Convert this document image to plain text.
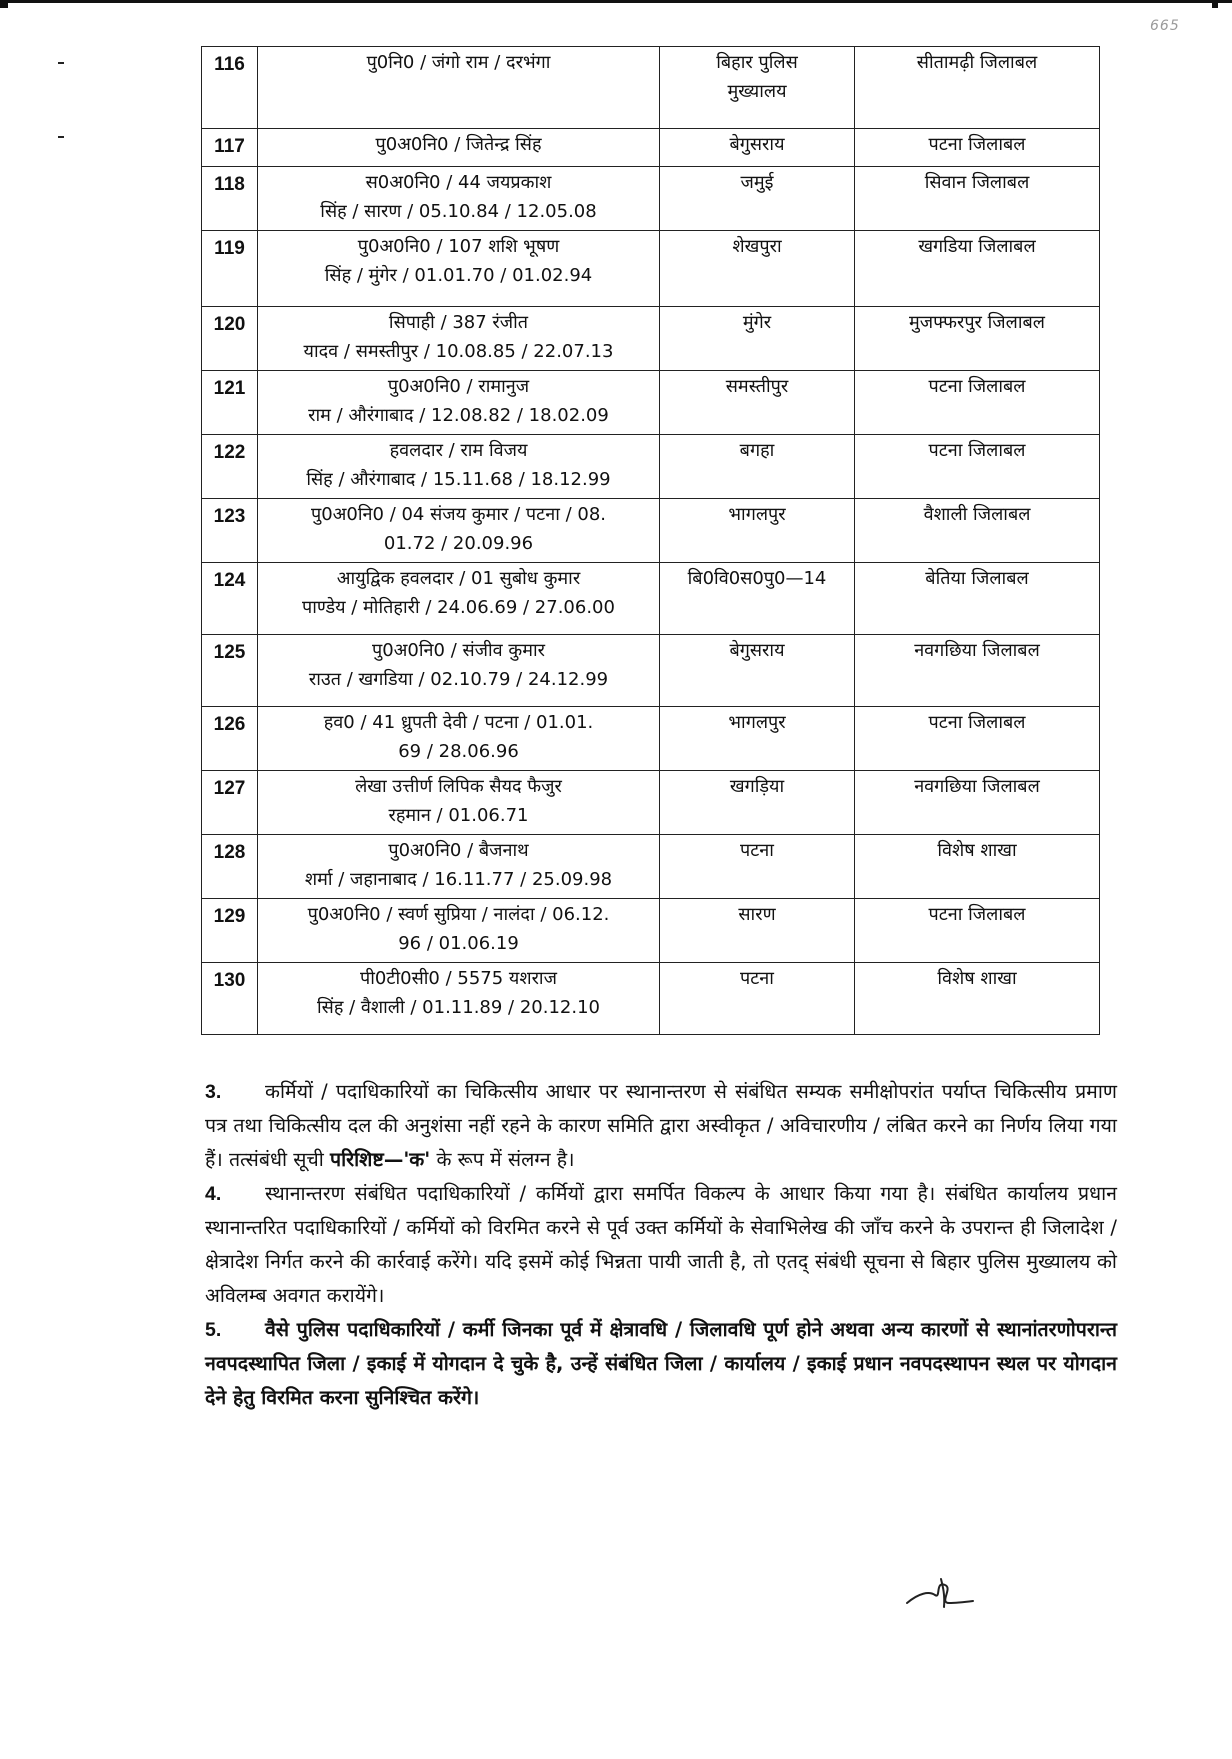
665
116	पु0नि0 / जंगो राम / दरभंगा	बिहार पुलिस
मुख्यालय	सीतामढ़ी जिलाबल
117	पु0अ0नि0 / जितेन्द्र सिंह	बेगुसराय	पटना जिलाबल
118	स0अ0नि0 / 44 जयप्रकाश
सिंह / सारण / 05.10.84 / 12.05.08	जमुई	सिवान जिलाबल
119	पु0अ0नि0 / 107 शशि भूषण
सिंह / मुंगेर / 01.01.70 / 01.02.94	शेखपुरा	खगडिया जिलाबल
120	सिपाही / 387 रंजीत
यादव / समस्तीपुर / 10.08.85 / 22.07.13	मुंगेर	मुजफ्फरपुर जिलाबल
121	पु0अ0नि0 / रामानुज
राम / औरंगाबाद / 12.08.82 / 18.02.09	समस्तीपुर	पटना जिलाबल
122	हवलदार / राम विजय
सिंह / औरंगाबाद / 15.11.68 / 18.12.99	बगहा	पटना जिलाबल
123	पु0अ0नि0 / 04 संजय कुमार / पटना / 08.
01.72 / 20.09.96	भागलपुर	वैशाली जिलाबल
124	आयुद्विक हवलदार / 01 सुबोध कुमार
पाण्डेय / मोतिहारी / 24.06.69 / 27.06.00	बि0वि0स0पु0—14	बेतिया जिलाबल
125	पु0अ0नि0 / संजीव कुमार
राउत / खगडिया / 02.10.79 / 24.12.99	बेगुसराय	नवगछिया जिलाबल
126	हव0 / 41 ध्रुपती देवी / पटना / 01.01.
69 / 28.06.96	भागलपुर	पटना जिलाबल
127	लेखा उत्तीर्ण लिपिक सैयद फैजुर
रहमान / 01.06.71	खगड़िया	नवगछिया जिलाबल
128	पु0अ0नि0 / बैजनाथ
शर्मा / जहानाबाद / 16.11.77 / 25.09.98	पटना	विशेष शाखा
129	पु0अ0नि0 / स्वर्ण सुप्रिया / नालंदा / 06.12.
96 / 01.06.19	सारण	पटना जिलाबल
130	पी0टी0सी0 / 5575 यशराज
सिंह / वैशाली / 01.11.89 / 20.12.10	पटना	विशेष शाखा

3. कर्मियों / पदाधिकारियों का चिकित्सीय आधार पर स्थानान्तरण से संबंधित सम्यक समीक्षोपरांत पर्याप्त चिकित्सीय प्रमाण पत्र तथा चिकित्सीय दल की अनुशंसा नहीं रहने के कारण समिति द्वारा अस्वीकृत / अविचारणीय / लंबित करने का निर्णय लिया गया हैं। तत्संबंधी सूची परिशिष्ट—'क' के रूप में संलग्न है।

4. स्थानान्तरण संबंधित पदाधिकारियों / कर्मियों द्वारा समर्पित विकल्प के आधार किया गया है। संबंधित कार्यालय प्रधान स्थानान्तरित पदाधिकारियों / कर्मियों को विरमित करने से पूर्व उक्त कर्मियों के सेवाभिलेख की जाँच करने के उपरान्त ही जिलादेश / क्षेत्रादेश निर्गत करने की कार्रवाई करेंगे। यदि इसमें कोई भिन्नता पायी जाती है, तो एतद् संबंधी सूचना से बिहार पुलिस मुख्यालय को अविलम्ब अवगत करायेंगे।

5. वैसे पुलिस पदाधिकारियों / कर्मी जिनका पूर्व में क्षेत्रावधि / जिलावधि पूर्ण होने अथवा अन्य कारणों से स्थानांतरणोपरान्त नवपदस्थापित जिला / इकाई में योगदान दे चुके है, उन्हें संबंधित जिला / कार्यालय / इकाई प्रधान नवपदस्थापन स्थल पर योगदान देने हेतु विरमित करना सुनिश्चित करेंगे।
